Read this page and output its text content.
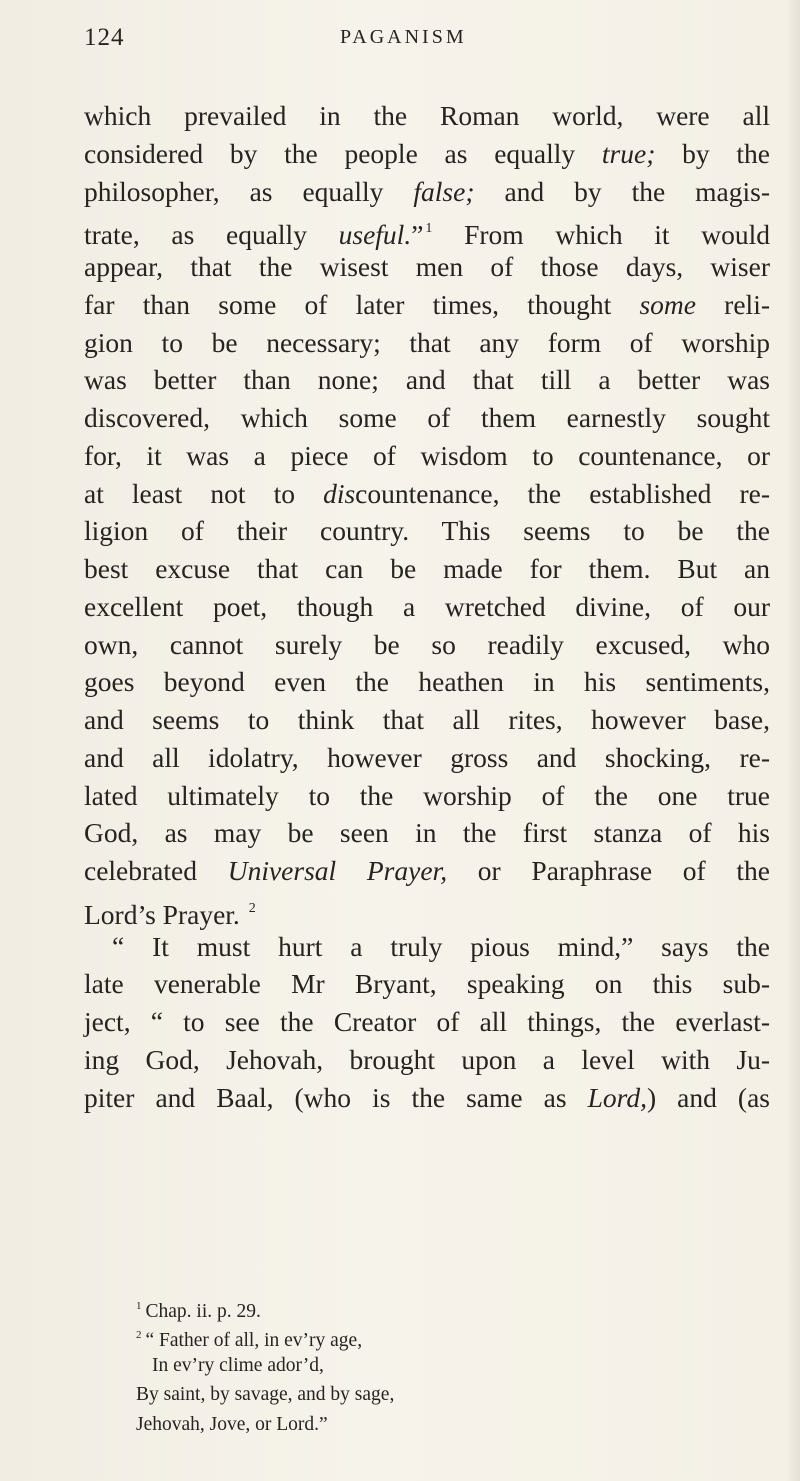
124	PAGANISM
which prevailed in the Roman world, were all
considered by the people as equally true; by the
philosopher, as equally false; and by the magis-
trate, as equally useful.” $^1$ From which it would
appear, that the wisest men of those days, wiser
far than some of later times, thought some reli-
gion to be necessary; that any form of worship
was better than none; and that till a better was
discovered, which some of them earnestly sought
for, it was a piece of wisdom to countenance, or
at least not to discountenance, the established re-
ligion of their country. This seems to be the
best excuse that can be made for them. But an
excellent poet, though a wretched divine, of our
own, cannot surely be so readily excused, who
goes beyond even the heathen in his sentiments,
and seems to think that all rites, however base,
and all idolatry, however gross and shocking, re-
lated ultimately to the worship of the one true
God, as may be seen in the first stanza of his
celebrated Universal Prayer, or Paraphrase of the
Lord’s Prayer. $^2$
“ It must hurt a truly pious mind,” says the
late venerable Mr Bryant, speaking on this sub-
ject, “ to see the Creator of all things, the everlast-
ing God, Jehovah, brought upon a level with Ju-
piter and Baal, (who is the same as Lord,) and (as
$^1$ Chap. ii. p. 29.
$^2$ “ Father of all, in ev’ry age,
In ev’ry clime ador’d,
By saint, by savage, and by sage,
Jehovah, Jove, or Lord.”
